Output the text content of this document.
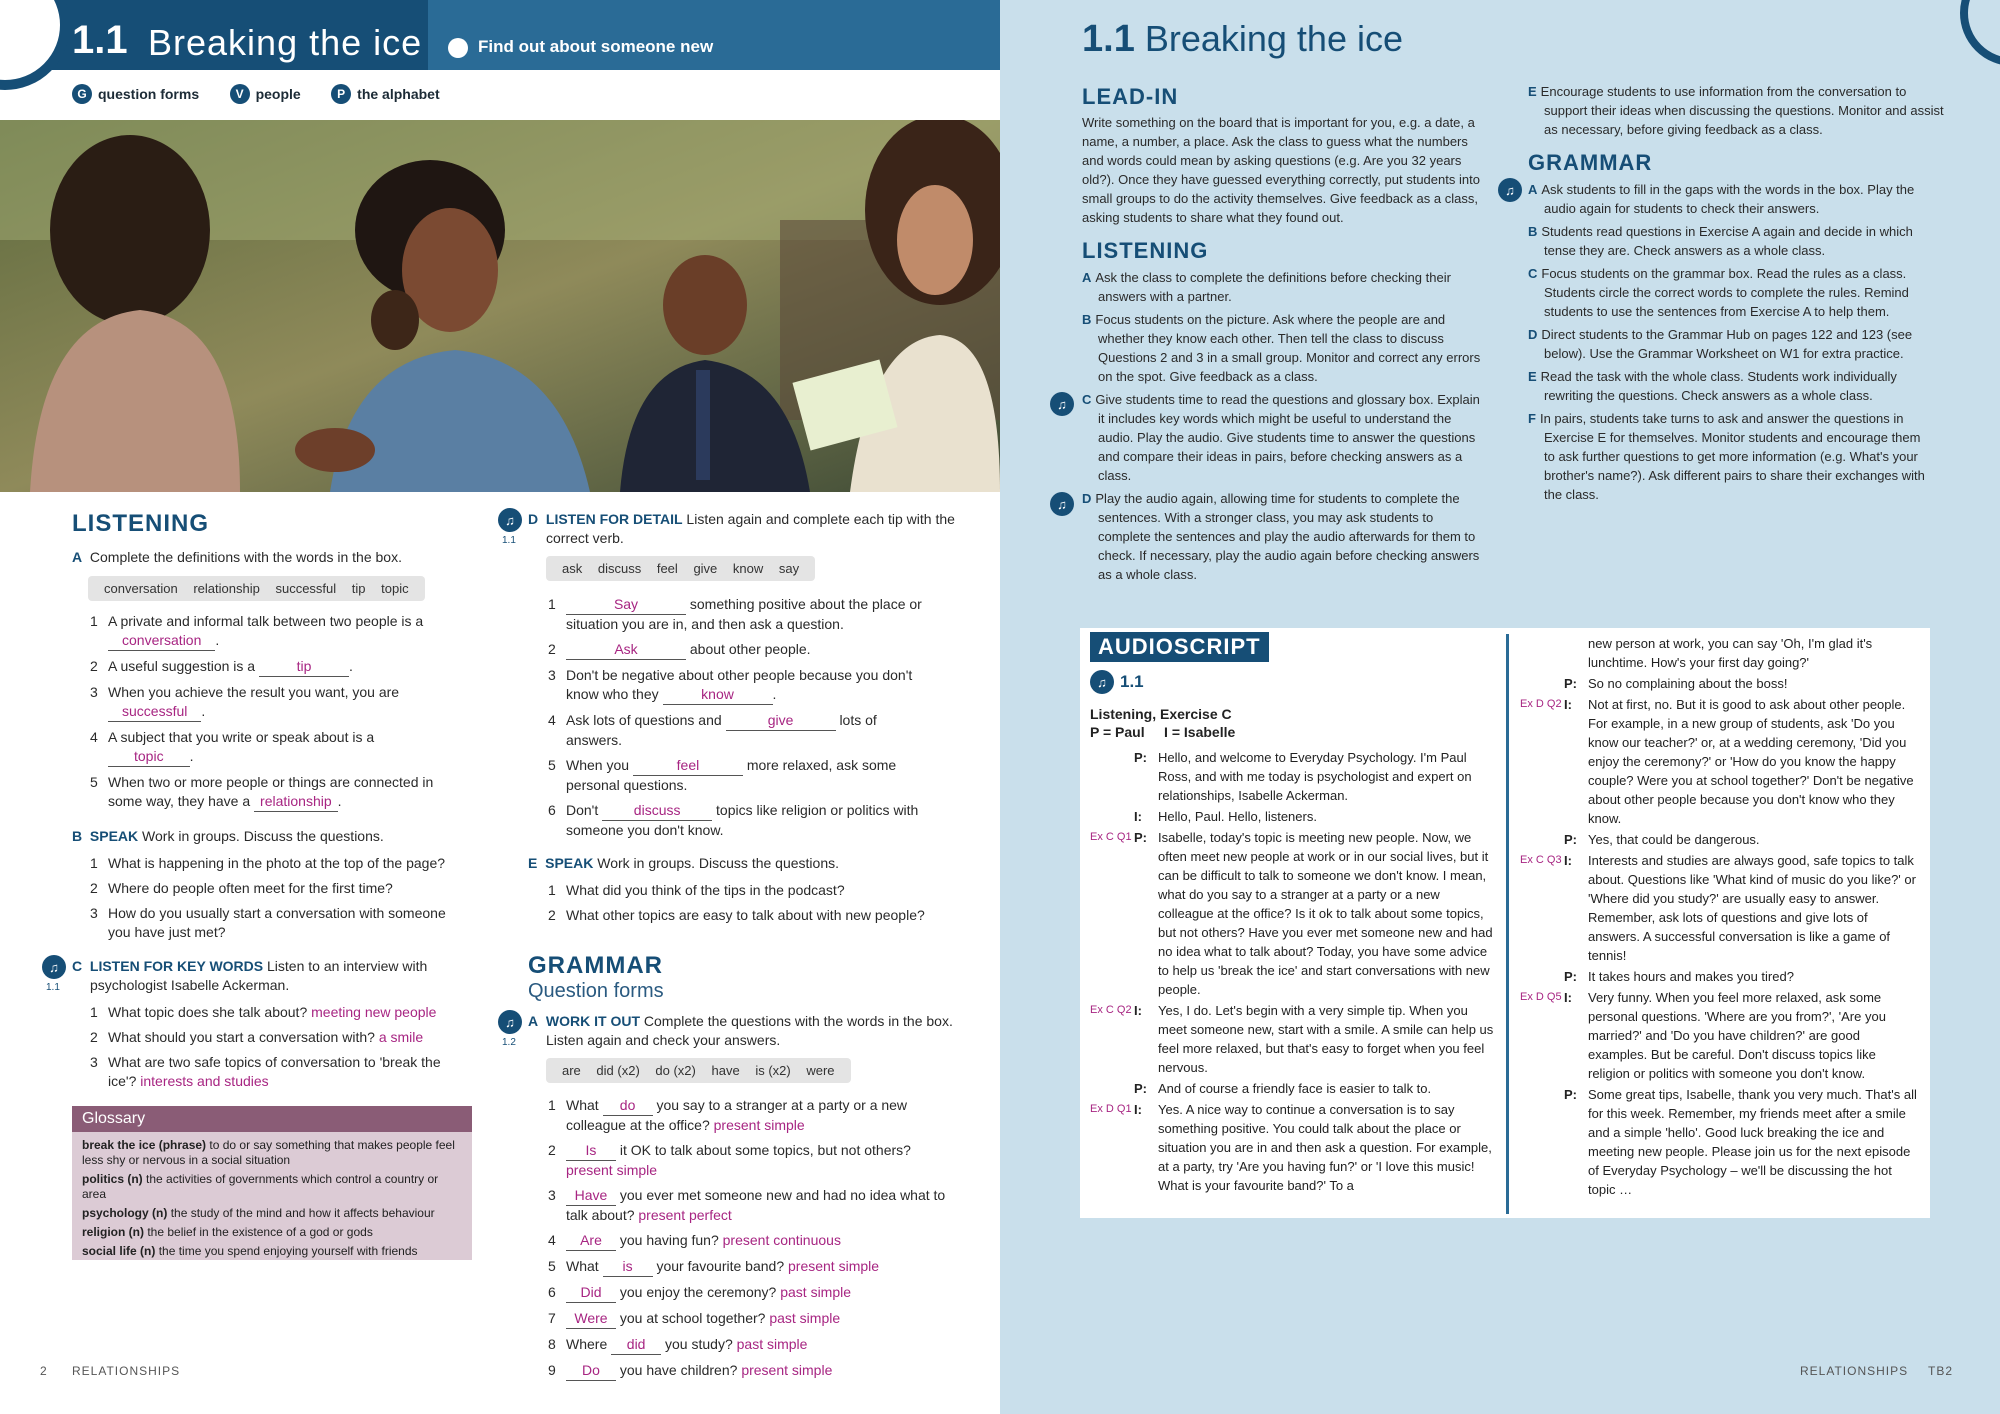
1.1 Breaking the ice	Find out about someone new
G question forms
	V people
	P the alphabet
LISTENING
A Complete the definitions with the words in the box.
conversation relationship successful tip topic
1 A private and informal talk between two people is a
conversation .
2 A useful suggestion is a	tip	.
3 When you achieve the result you want, you are
successful .
4 A subject that you write or speak about is a
topic .
5 When two or more people or things are connected in some way, they have a relationship .
B SPEAK Work in groups. Discuss the questions.
1 What is happening in the photo at the top of the page?
2 Where do people often meet for the first time?
3 How do you usually start a conversation with someone you have just met?
♫
1.1
C LISTEN FOR KEY WORDS Listen to an interview with psychologist Isabelle Ackerman.
1 What topic does she talk about? meeting new people
2 What should you start a conversation with? a smile
3 What are two safe topics of conversation to 'break the ice'? interests and studies
Glossary
break the ice (phrase) to do or say something that makes people feel less shy or nervous in a social situation
politics (n) the activities of governments which control a country or area
psychology (n) the study of the mind and how it affects behaviour
religion (n) the belief in the existence of a god or gods
social life (n) the time you spend enjoying yourself with friends
♫
1.1
D LISTEN FOR DETAIL Listen again and complete each tip with the correct verb.
ask discuss feel give know say
1	Say	something positive about the place or situation you are in, and then ask a question.
2	Ask	about other people.
3 Don't be negative about other people because you don't know who they	know	.
4 Ask lots of questions and	give	lots of answers.
5 When you	feel	more relaxed, ask some personal questions.
6 Don't	discuss	topics like religion or politics with someone you don't know.
E SPEAK Work in groups. Discuss the questions.
1 What did you think of the tips in the podcast?
2 What other topics are easy to talk about with new people?
GRAMMAR
Question forms
♫
1.2
A WORK IT OUT Complete the questions with the words in the box. Listen again and check your answers.
are did (x2) do (x2) have is (x2) were
1 What do you say to a stranger at a party or a new colleague at the office? present simple
2 Is it OK to talk about some topics, but not others? present simple
3 Have you ever met someone new and had no idea what to talk about? present perfect
4 Are you having fun? present continuous
5 What is your favourite band? present simple
6 Did you enjoy the ceremony? past simple
7 Were you at school together? past simple
8 Where did you study? past simple
9 Do you have children? present simple
2 RELATIONSHIPS
1.1 Breaking the ice
LEAD-IN
Write something on the board that is important for you, e.g. a date, a name, a number, a place. Ask the class to guess what the numbers and words could mean by asking questions (e.g. Are you 32 years old?). Once they have guessed everything correctly, put students into small groups to do the activity themselves. Give feedback as a class, asking students to share what they found out.
LISTENING
A Ask the class to complete the definitions before checking their answers with a partner.
B Focus students on the picture. Ask where the people are and whether they know each other. Then tell the class to discuss Questions 2 and 3 in a small group. Monitor and correct any errors on the spot. Give feedback as a class.
C Give students time to read the questions and glossary box. Explain it includes key words which might be useful to understand the audio. Play the audio. Give students time to answer the questions and compare their ideas in pairs, before checking answers as a class.
D Play the audio again, allowing time for students to complete the sentences. With a stronger class, you may ask students to complete the sentences and play the audio afterwards for them to check. If necessary, play the audio again before checking answers as a whole class.
♫
♫
E Encourage students to use information from the conversation to support their ideas when discussing the questions. Monitor and assist as necessary, before giving feedback as a class.
GRAMMAR
♫	A Ask students to fill in the gaps with the words in the box. Play the audio again for students to check their answers.
B Students read questions in Exercise A again and decide in which tense they are. Check answers as a whole class.
C Focus students on the grammar box. Read the rules as a class. Students circle the correct words to complete the rules. Remind students to use the sentences from Exercise A to help them.
D Direct students to the Grammar Hub on pages 122 and 123 (see below). Use the Grammar Worksheet on W1 for extra practice.
E Read the task with the whole class. Students work individually rewriting the questions. Check answers as a whole class.
F In pairs, students take turns to ask and answer the questions in Exercise E for themselves. Monitor students and encourage them to ask further questions to get more information (e.g. What's your brother's name?). Ask different pairs to share their exchanges with the class.
AUDIOSCRIPT
♫ 1.1
Listening, Exercise C
P = Paul     I = Isabelle
P: Hello, and welcome to Everyday Psychology. I'm Paul Ross, and with me today is psychologist and expert on relationships, Isabelle Ackerman.
I:	Hello, Paul. Hello, listeners.
Ex C Q1 P: Isabelle, today's topic is meeting new people. Now, we often meet new people at work or in our social lives, but it can be difficult to talk to someone we don't know. I mean, what do you say to a stranger at a party or a new colleague at the office? Is it ok to talk about some topics, but not others? Have you ever met someone new and had no idea what to talk about? Today, you have some advice to help us 'break the ice' and start conversations with new people.
Ex C Q2 I:	Yes, I do. Let's begin with a very simple tip. When you meet someone new, start with a smile. A smile can help us feel more relaxed, but that's easy to forget when you feel nervous.
P: And of course a friendly face is easier to talk to.
Ex D Q1 I:	Yes. A nice way to continue a conversation is to say something positive. You could talk about the place or situation you are in and then ask a question. For example, at a party, try 'Are you having fun?' or 'I love this music! What is your favourite band?' To a
new person at work, you can say 'Oh, I'm glad it's lunchtime. How's your first day going?'
P: So no complaining about the boss!
Ex D Q2 I:	Not at first, no. But it is good to ask about other people. For example, in a new group of students, ask 'Do you know our teacher?' or, at a wedding ceremony, 'Did you enjoy the ceremony?' or 'How do you know the happy couple? Were you at school together?' Don't be negative about other people because you don't know who they know.
P: Yes, that could be dangerous.
Ex C Q3 I:	Interests and studies are always good, safe topics to talk about. Questions like 'What kind of music do you like?' or 'Where did you study?' are usually easy to answer. Remember, ask lots of questions and give lots of answers. A successful conversation is like a game of tennis!
P: It takes hours and makes you tired?
Ex D Q5 I:	Very funny. When you feel more relaxed, ask some personal questions. 'Where are you from?', 'Are you married?' and 'Do you have children?' are good examples. But be careful. Don't discuss topics like religion or politics with someone you don't know.
P: Some great tips, Isabelle, thank you very much. That's all for this week. Remember, my friends meet after a smile and a simple 'hello'. Good luck breaking the ice and meeting new people. Please join us for the next episode of Everyday Psychology – we'll be discussing the hot topic …
RELATIONSHIPS TB2
